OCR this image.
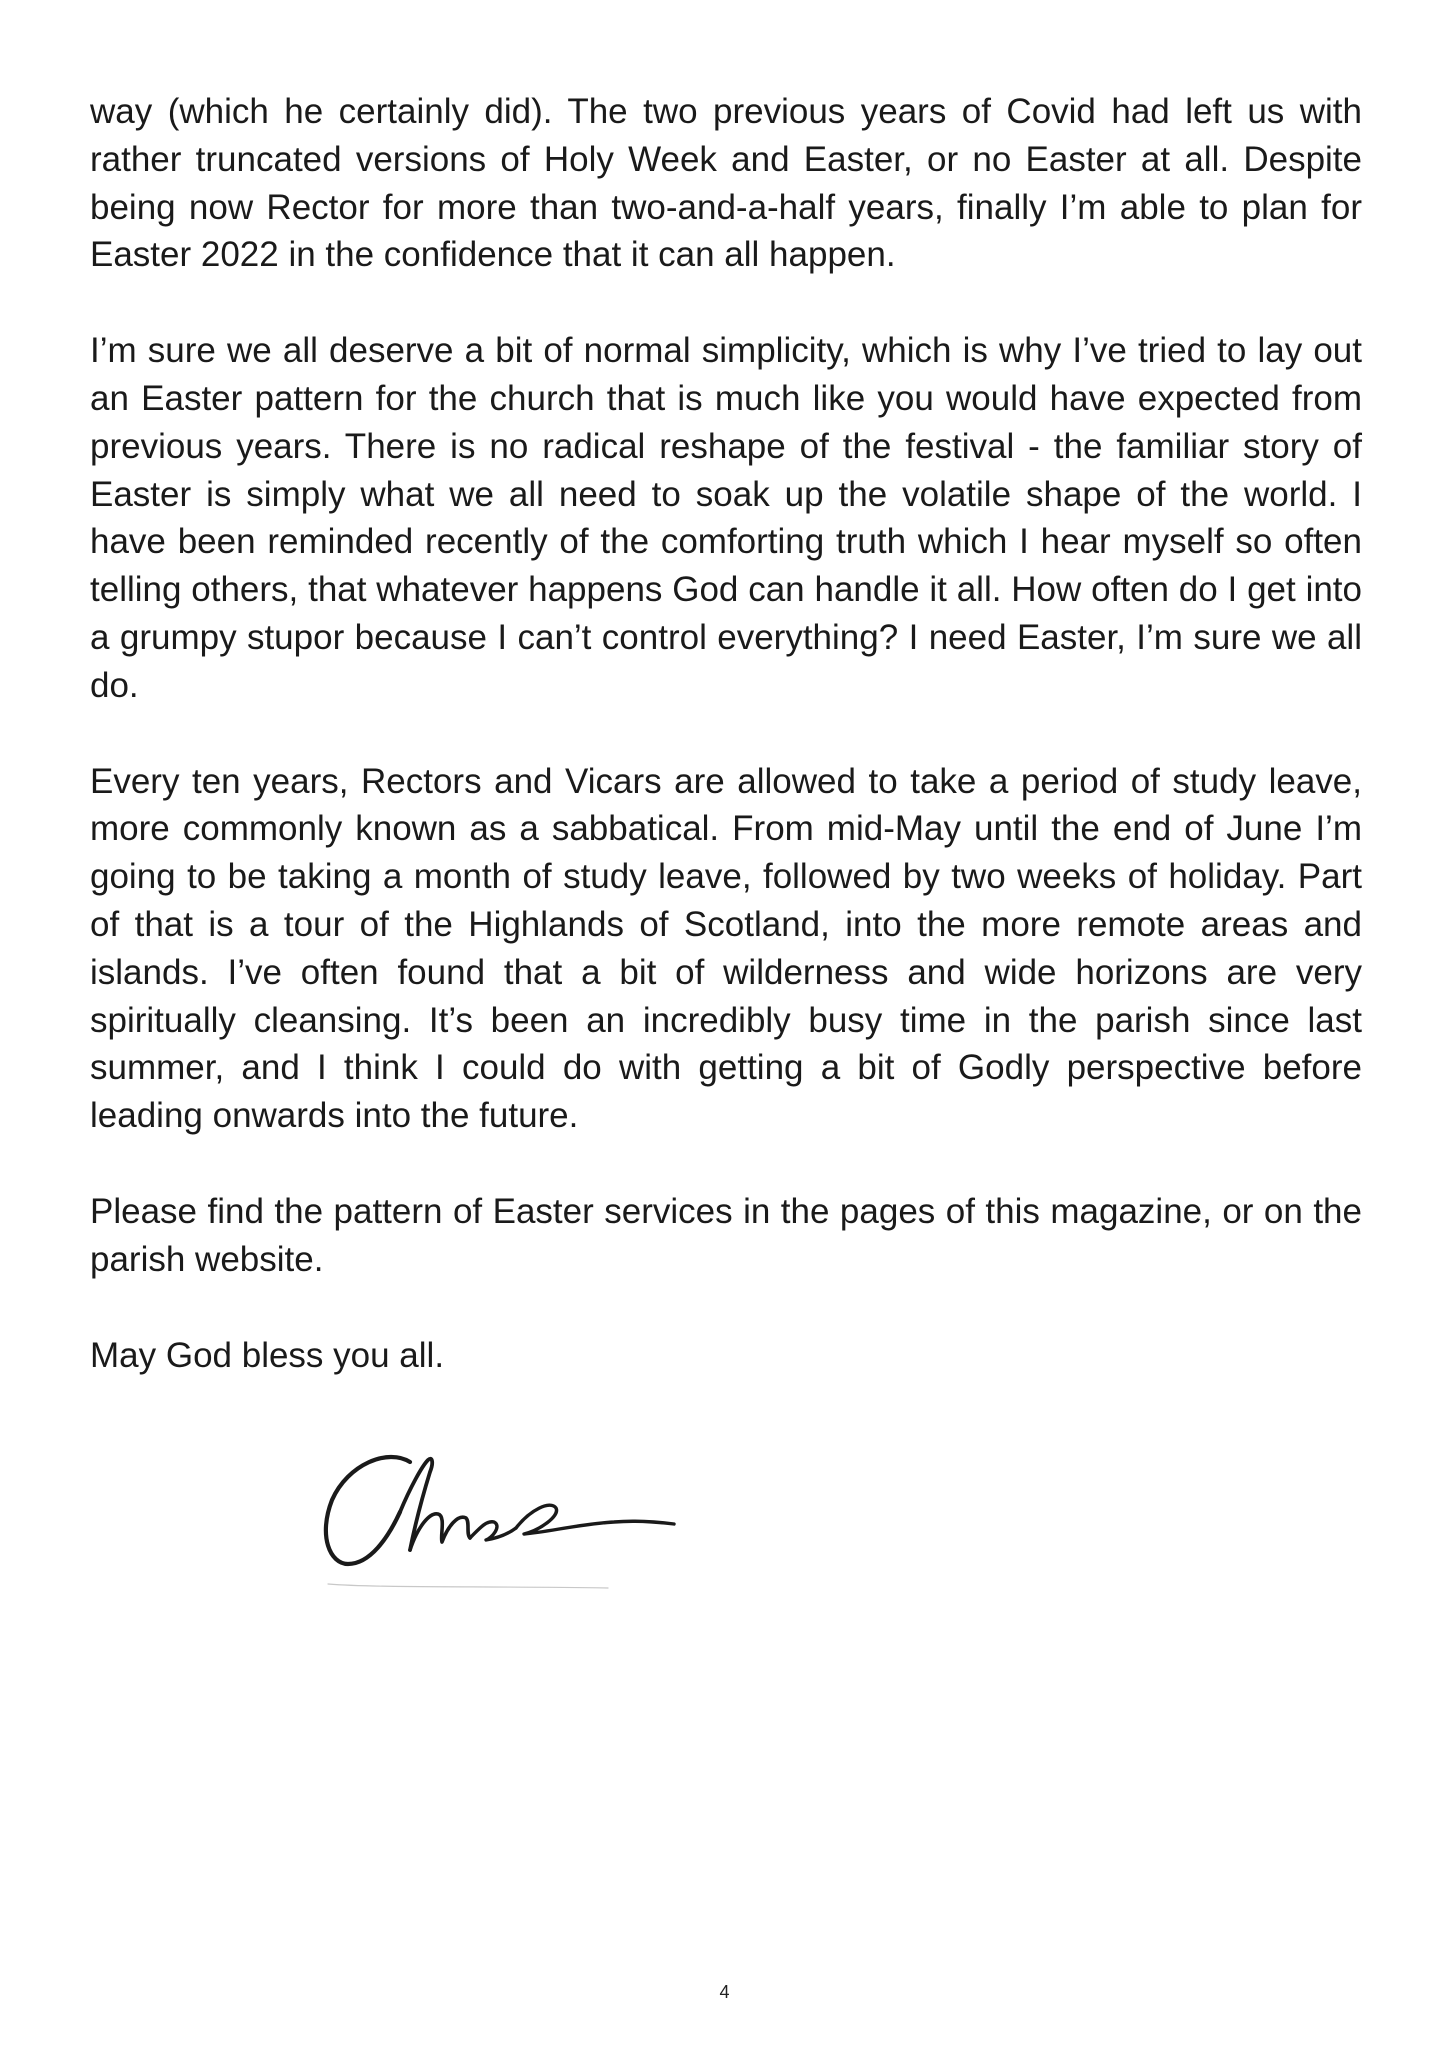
way (which he certainly did). The two previous years of Covid had left us with rather truncated versions of Holy Week and Easter, or no Easter at all. Despite being now Rector for more than two-and-a-half years, finally I’m able to plan for Easter 2022 in the confidence that it can all happen.

I’m sure we all deserve a bit of normal simplicity, which is why I’ve tried to lay out an Easter pattern for the church that is much like you would have expected from previous years. There is no radical reshape of the festival - the familiar story of Easter is simply what we all need to soak up the volatile shape of the world. I have been reminded recently of the comforting truth which I hear myself so often telling others, that whatever happens God can handle it all. How often do I get into a grumpy stupor because I can’t control everything? I need Easter, I’m sure we all do.

Every ten years, Rectors and Vicars are allowed to take a period of study leave, more commonly known as a sabbatical. From mid-May until the end of June I’m going to be taking a month of study leave, followed by two weeks of holiday. Part of that is a tour of the Highlands of Scotland, into the more remote areas and islands. I’ve often found that a bit of wilderness and wide horizons are very spiritually cleansing. It’s been an incredibly busy time in the parish since last summer, and I think I could do with getting a bit of Godly perspective before leading onwards into the future.

Please find the pattern of Easter services in the pages of this magazine, or on the parish website.

May God bless you all.

4
